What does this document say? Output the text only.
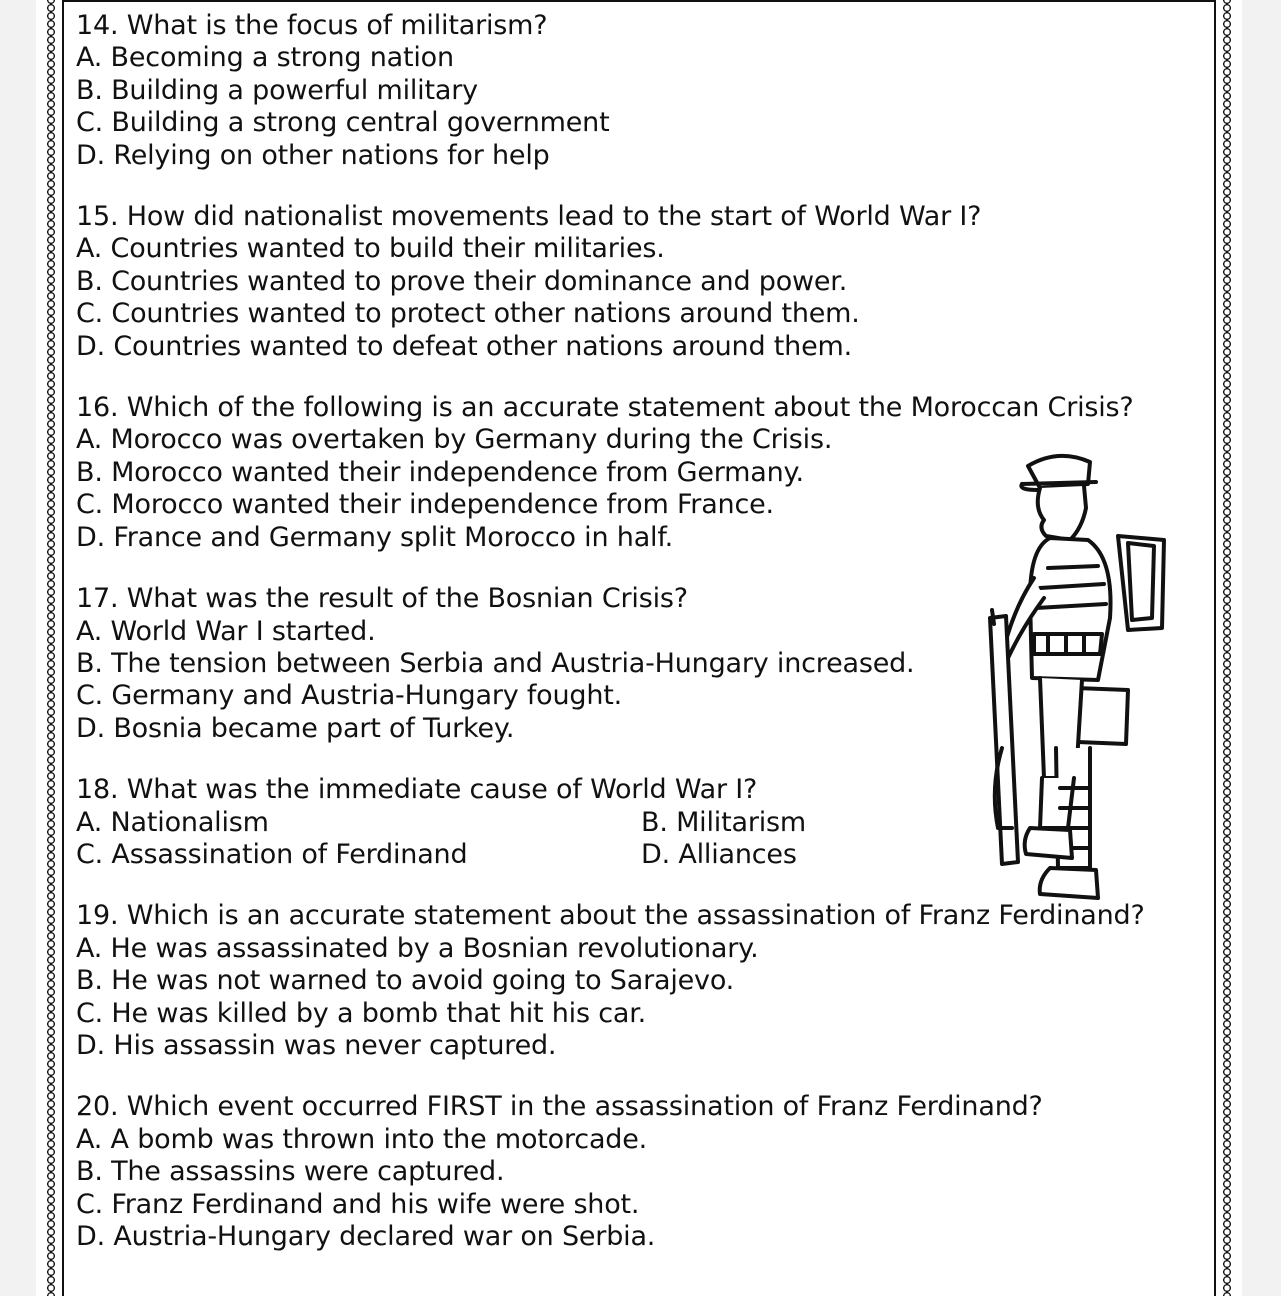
14. What is the focus of militarism?
A. Becoming a strong nation
B. Building a powerful military
C. Building a strong central government
D. Relying on other nations for help
15. How did nationalist movements lead to the start of World War I?
A. Countries wanted to build their militaries.
B. Countries wanted to prove their dominance and power.
C. Countries wanted to protect other nations around them.
D. Countries wanted to defeat other nations around them.
16. Which of the following is an accurate statement about the Moroccan Crisis?
A. Morocco was overtaken by Germany during the Crisis.
B. Morocco wanted their independence from Germany.
C. Morocco wanted their independence from France.
D. France and Germany split Morocco in half.
17. What was the result of the Bosnian Crisis?
A. World War I started.
B. The tension between Serbia and Austria-Hungary increased.
C. Germany and Austria-Hungary fought.
D. Bosnia became part of Turkey.
18. What was the immediate cause of World War I?
A. Nationalism	B. Militarism
C. Assassination of Ferdinand	D. Alliances
19. Which is an accurate statement about the assassination of Franz Ferdinand?
A. He was assassinated by a Bosnian revolutionary.
B. He was not warned to avoid going to Sarajevo.
C. He was killed by a bomb that hit his car.
D. His assassin was never captured.
20. Which event occurred FIRST in the assassination of Franz Ferdinand?
A. A bomb was thrown into the motorcade.
B. The assassins were captured.
C. Franz Ferdinand and his wife were shot.
D. Austria-Hungary declared war on Serbia.
